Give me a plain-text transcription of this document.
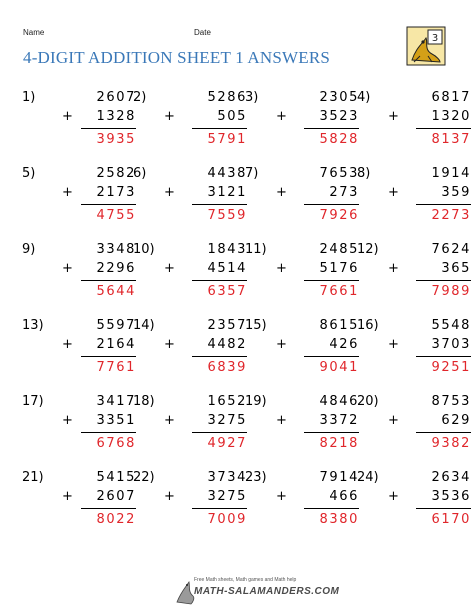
Name	Date
4-DIGIT ADDITION SHEET 1 ANSWERS
3
1)	2607
+ 1328
3935
2)	5286
+	505
5791
3)	2305
+	3523
5828
4)	6817
+	1320
8137
5)	2582
+ 2173
4755
6)	4438
+	3121
7559
7)	7653
+	273
7926
8)	1914
+	359
2273
9)	3348
+ 2296
5644
10)	1843
+	4514
6357
11)	2485
+	5176
7661
12)	7624
+	365
7989
13)	5597
+ 2164
7761
14)	2357
+	4482
6839
15)	8615
+	426
9041
16)	5548
+	3703
9251
17)	3417
+ 3351
6768
18)	1652
+	3275
4927
19)	4846
+	3372
8218
20)	8753
+	629
9382
21)	5415
+ 2607
8022
22)	3734
+	3275
7009
23)	7914
+	466
8380
24)	2634
+	3536
6170
Free Math sheets, Math games and Math help
MATH-SALAMANDERS.COM
